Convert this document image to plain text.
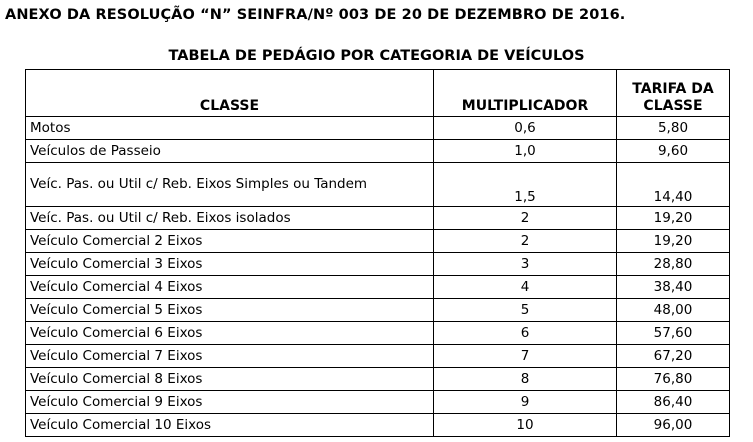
ANEXO DA RESOLUÇÃO “N” SEINFRA/Nº 003 DE 20 DE DEZEMBRO DE 2016.
TABELA DE PEDÁGIO POR CATEGORIA DE VEÍCULOS
CLASSE	MULTIPLICADOR	TARIFA DA CLASSE
Motos	0,6	5,80
Veículos de Passeio	1,0	9,60
Veíc. Pas. ou Util c/ Reb. Eixos Simples ou Tandem	1,5	14,40
Veíc. Pas. ou Util c/ Reb. Eixos isolados	2	19,20
Veículo Comercial 2 Eixos	2	19,20
Veículo Comercial 3 Eixos	3	28,80
Veículo Comercial 4 Eixos	4	38,40
Veículo Comercial 5 Eixos	5	48,00
Veículo Comercial 6 Eixos	6	57,60
Veículo Comercial 7 Eixos	7	67,20
Veículo Comercial 8 Eixos	8	76,80
Veículo Comercial 9 Eixos	9	86,40
Veículo Comercial 10 Eixos	10	96,00
